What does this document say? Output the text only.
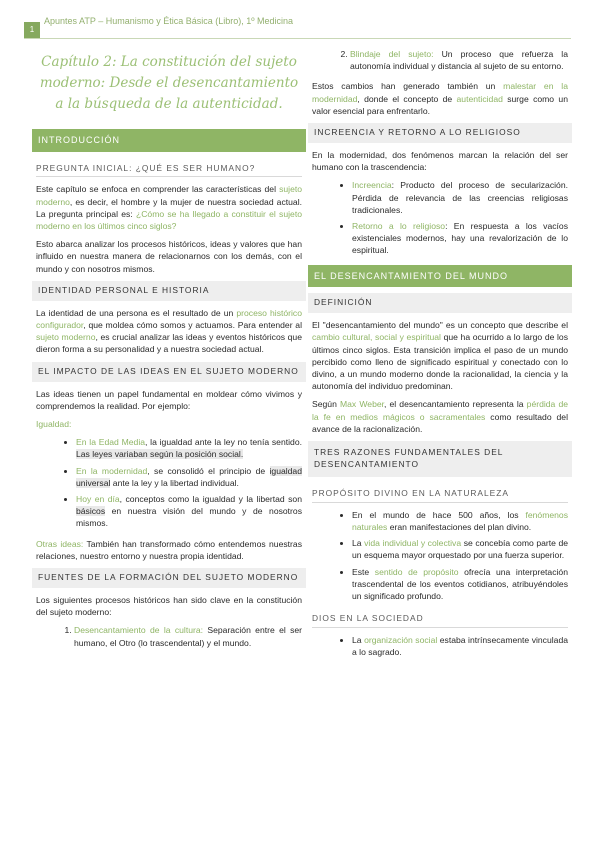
1
Apuntes ATP – Humanismo y Ética Básica (Libro), 1º Medicina
Capítulo 2: La constitución del sujeto moderno: Desde el desencantamiento a la búsqueda de la autenticidad.
INTRODUCCIÓN
PREGUNTA INICIAL: ¿QUÉ ES SER HUMANO?

Este capítulo se enfoca en comprender las características del sujeto moderno, es decir, el hombre y la mujer de nuestra sociedad actual. La pregunta principal es: ¿Cómo se ha llegado a constituir el sujeto moderno en los últimos cinco siglos?

Esto abarca analizar los procesos históricos, ideas y valores que han influido en nuestra manera de relacionarnos con los demás, con el mundo y con nosotros mismos.

IDENTIDAD PERSONAL E HISTORIA

La identidad de una persona es el resultado de un proceso histórico configurador, que moldea cómo somos y actuamos. Para entender al sujeto moderno, es crucial analizar las ideas y eventos históricos que dieron forma a su personalidad y a nuestra sociedad actual.

EL IMPACTO DE LAS IDEAS EN EL SUJETO MODERNO

Las ideas tienen un papel fundamental en moldear cómo vivimos y comprendemos la realidad. Por ejemplo:

Igualdad:

• En la Edad Media, la igualdad ante la ley no tenía sentido. Las leyes variaban según la posición social.
• En la modernidad, se consolidó el principio de igualdad universal ante la ley y la libertad individual.
• Hoy en día, conceptos como la igualdad y la libertad son básicos en nuestra visión del mundo y de nosotros mismos.

Otras ideas: También han transformado cómo entendemos nuestras relaciones, nuestro entorno y nuestra propia identidad.

FUENTES DE LA FORMACIÓN DEL SUJETO MODERNO

Los siguientes procesos históricos han sido clave en la constitución del sujeto moderno:

1. Desencantamiento de la cultura: Separación entre el ser humano, el Otro (lo trascendental) y el mundo.
2. Blindaje del sujeto: Un proceso que refuerza la autonomía individual y distancia al sujeto de su entorno.

Estos cambios han generado también un malestar en la modernidad, donde el concepto de autenticidad surge como un valor esencial para enfrentarlo.

INCREENCIA Y RETORNO A LO RELIGIOSO

En la modernidad, dos fenómenos marcan la relación del ser humano con la trascendencia:

• Increencia: Producto del proceso de secularización. Pérdida de relevancia de las creencias religiosas tradicionales.
• Retorno a lo religioso: En respuesta a los vacíos existenciales modernos, hay una revalorización de lo espiritual.
EL DESENCANTAMIENTO DEL MUNDO
DEFINICIÓN

El "desencantamiento del mundo" es un concepto que describe el cambio cultural, social y espiritual que ha ocurrido a lo largo de los últimos cinco siglos. Esta transición implica el paso de un mundo percibido como lleno de significado espiritual y conectado con lo divino, a un mundo moderno donde la racionalidad, la ciencia y la autonomía del individuo predominan.

Según Max Weber, el desencantamiento representa la pérdida de la fe en medios mágicos o sacramentales como resultado del avance de la racionalización.

TRES RAZONES FUNDAMENTALES DEL DESENCANTAMIENTO
PROPÓSITO DIVINO EN LA NATURALEZA
• En el mundo de hace 500 años, los fenómenos naturales eran manifestaciones del plan divino.
• La vida individual y colectiva se concebía como parte de un esquema mayor orquestado por una fuerza superior.
• Este sentido de propósito ofrecía una interpretación trascendental de los eventos cotidianos, atribuyéndoles un significado profundo.
DIOS EN LA SOCIEDAD
• La organización social estaba intrínsecamente vinculada a lo sagrado.
